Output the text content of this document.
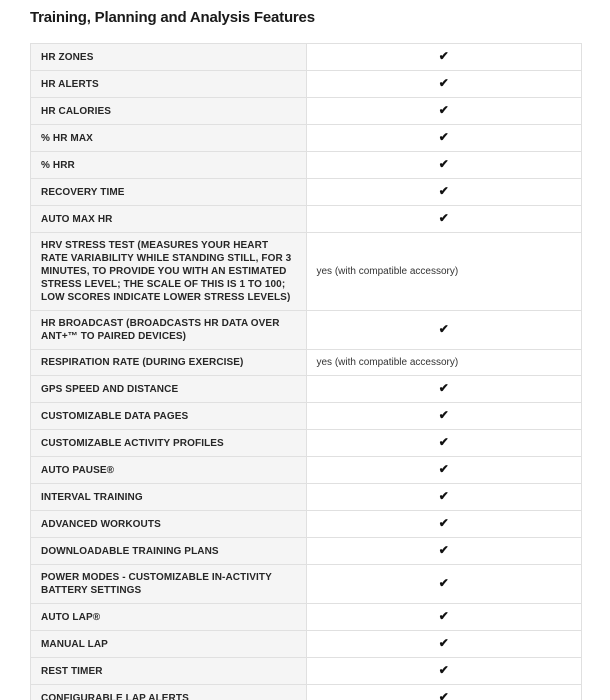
Training, Planning and Analysis Features
HR ZONES	✔
HR ALERTS	✔
HR CALORIES	✔
% HR MAX	✔
% HRR	✔
RECOVERY TIME	✔
AUTO MAX HR	✔
HRV STRESS TEST (MEASURES YOUR HEART RATE VARIABILITY WHILE STANDING STILL, FOR 3 MINUTES, TO PROVIDE YOU WITH AN ESTIMATED STRESS LEVEL; THE SCALE OF THIS IS 1 TO 100; LOW SCORES INDICATE LOWER STRESS LEVELS)	yes (with compatible accessory)
HR BROADCAST (BROADCASTS HR DATA OVER ANT+™ TO PAIRED DEVICES)	✔
RESPIRATION RATE (DURING EXERCISE)	yes (with compatible accessory)
GPS SPEED AND DISTANCE	✔
CUSTOMIZABLE DATA PAGES	✔
CUSTOMIZABLE ACTIVITY PROFILES	✔
AUTO PAUSE®	✔
INTERVAL TRAINING	✔
ADVANCED WORKOUTS	✔
DOWNLOADABLE TRAINING PLANS	✔
POWER MODES - CUSTOMIZABLE IN-ACTIVITY BATTERY SETTINGS	✔
AUTO LAP®	✔
MANUAL LAP	✔
REST TIMER	✔
CONFIGURABLE LAP ALERTS	✔
